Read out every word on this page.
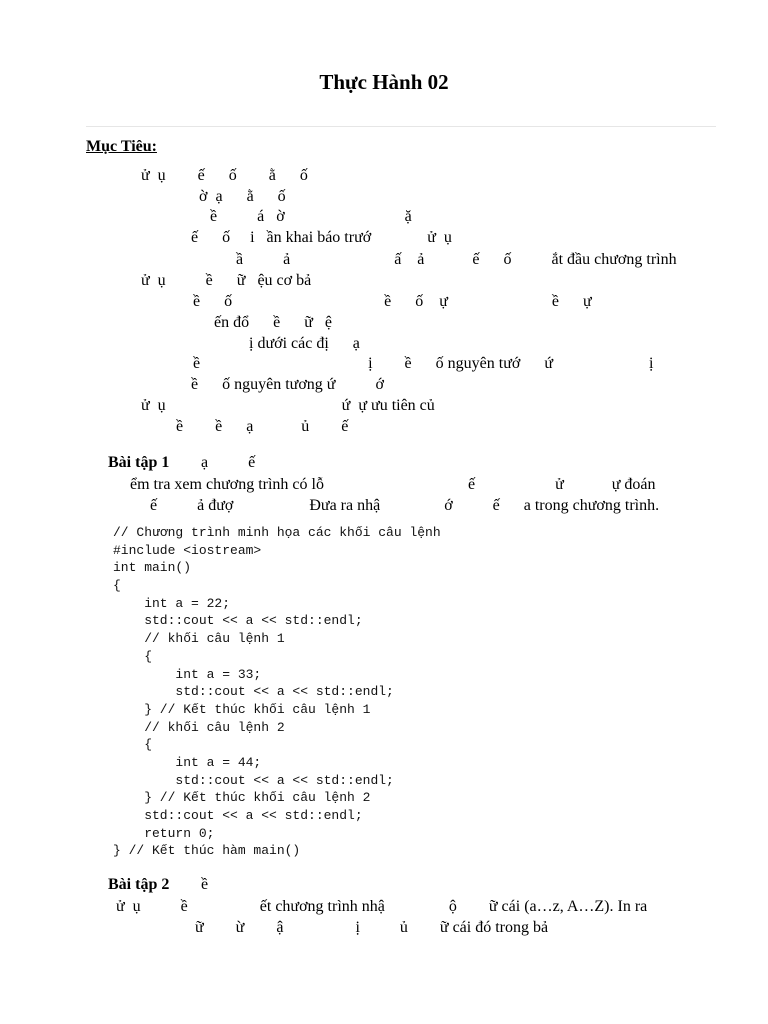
Thực Hành 02
Mục Tiêu:
ử  ụ        ế      ố        ằ      ố
ờ  ạ      ằ      ố
ề          á   ờ                              ặ
ế      ố     i   ần khai báo trướ              ử  ụ
ầ          ả                          ấ    ả            ế      ố          ắt đầu chương trình
ử  ụ          ề      ữ   ệu cơ bả
ề      ố                                      ề      ố    ự                          ề      ự
ến đổ      ề      ữ   ệ
ị dưới các đị      ạ
ề                                          ị        ề      ố nguyên tướ      ứ                        ị
ề      ố nguyên tương ứ          ớ
ử  ụ                                            ứ  ự ưu tiên củ
ề        ề      ạ            ủ        ế
Bài tập 1 ạ          ế
ểm tra xem chương trình có lỗ                                    ế                    ử            ự đoán
ế          ả đượ                   Đưa ra nhậ                ớ          ế      a trong chương trình.
// Chương trình minh họa các khối câu lệnh
#include <iostream>
int main()
{
int a = 22;
std::cout << a << std::endl;
// khối câu lệnh 1
{
int a = 33;
std::cout << a << std::endl;
} // Kết thúc khối câu lệnh 1
// khối câu lệnh 2
{
int a = 44;
std::cout << a << std::endl;
} // Kết thúc khối câu lệnh 2
std::cout << a << std::endl;
return 0;
} // Kết thúc hàm main()
Bài tập 2 ề
ử  ụ          ề                  ết chương trình nhậ                ộ        ữ cái (a…z, A…Z). In ra
ữ        ừ        ậ                  ị          ủ        ữ cái đó trong bả
